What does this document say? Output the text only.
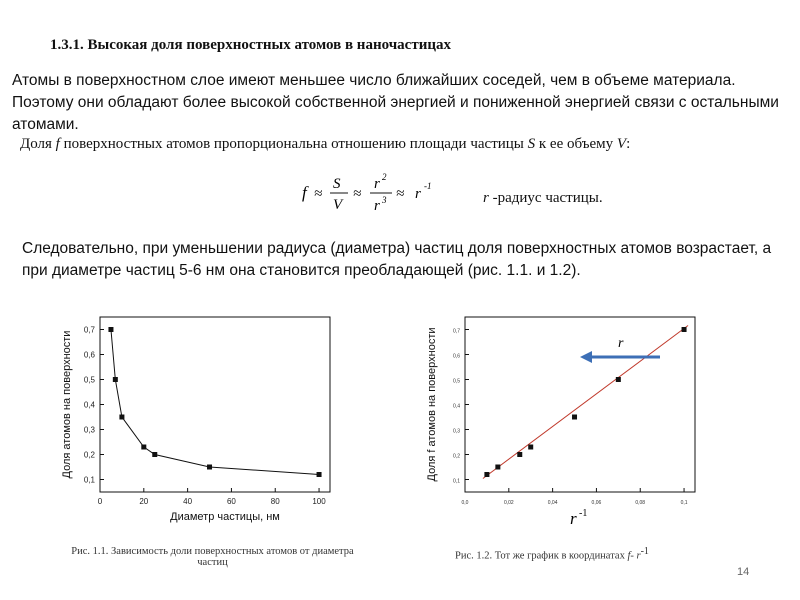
1.3.1. Высокая доля поверхностных атомов в наночастицах
Атомы в поверхностном слое имеют меньшее число ближайших соседей, чем в объеме материала. Поэтому они обладают более высокой собственной энергией и пониженной энергией связи с остальными атомами.
Доля f поверхностных атомов пропорциональна отношению площади частицы S к ее объему V:
f ≈
S
V
≈
r 2
r 3 ≈ r -1
r -радиус частицы.
Следовательно, при уменьшении радиуса (диаметра) частиц доля поверхностных атомов возрастает, а при диаметре частиц 5-6 нм она становится преобладающей (рис. 1.1. и 1.2).
0,1
0,2
0,3
0,4
0,5
0,6
0,7
0	20	40	60	80	100
Доля атомов на поверхности
Диаметр частицы, нм
0,1
0,2
0,3
0,4
0,5
0,6
0,7
0,0	0,02	0,04	0,06	0,08	0,1
Доля f атомов на поверхности
r -1
r
Рис. 1.1. Зависимость доли поверхностных атомов от диаметра частиц
Рис. 1.2. Тот же график в координатах f- $r^{-1}$
14
